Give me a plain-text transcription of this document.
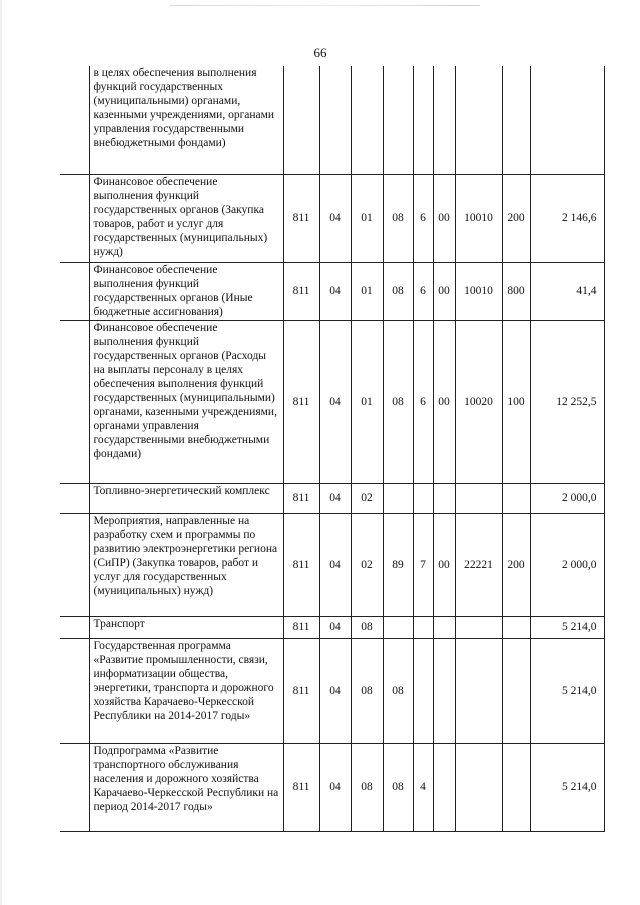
66
	в целях обеспечения выполнения функций государственных (муниципальными) органами, казенными учреждениями, органами управления государственными внебюджетными фондами)									
	Финансовое обеспечение выполнения функций государственных органов (Закупка товаров, работ и услуг для государственных (муниципальных) нужд)	811	04	01	08	6	00	10010	200	2 146,6
	Финансовое обеспечение выполнения функций государственных органов (Иные бюджетные ассигнования)	811	04	01	08	6	00	10010	800	41,4
	Финансовое обеспечение выполнения функций государственных органов (Расходы на выплаты персоналу в целях обеспечения выполнения функций государственных (муниципальными) органами, казенными учреждениями, органами управления государственными внебюджетными фондами)	811	04	01	08	6	00	10020	100	12 252,5
	Топливно-энергетический комплекс	811	04	02						2 000,0
	Мероприятия, направленные на разработку схем и программы по развитию электроэнергетики региона (СиПР) (Закупка товаров, работ и услуг для государственных (муниципальных) нужд)	811	04	02	89	7	00	22221	200	2 000,0
	Транспорт	811	04	08						5 214,0
	Государственная программа «Развитие промышленности, связи, информатизации общества, энергетики, транспорта и дорожного хозяйства Карачаево-Черкесской Республики на 2014-2017 годы»	811	04	08	08					5 214,0
	Подпрограмма «Развитие транспортного обслуживания населения и дорожного хозяйства Карачаево-Черкесской Республики на период 2014-2017 годы»	811	04	08	08	4				5 214,0
